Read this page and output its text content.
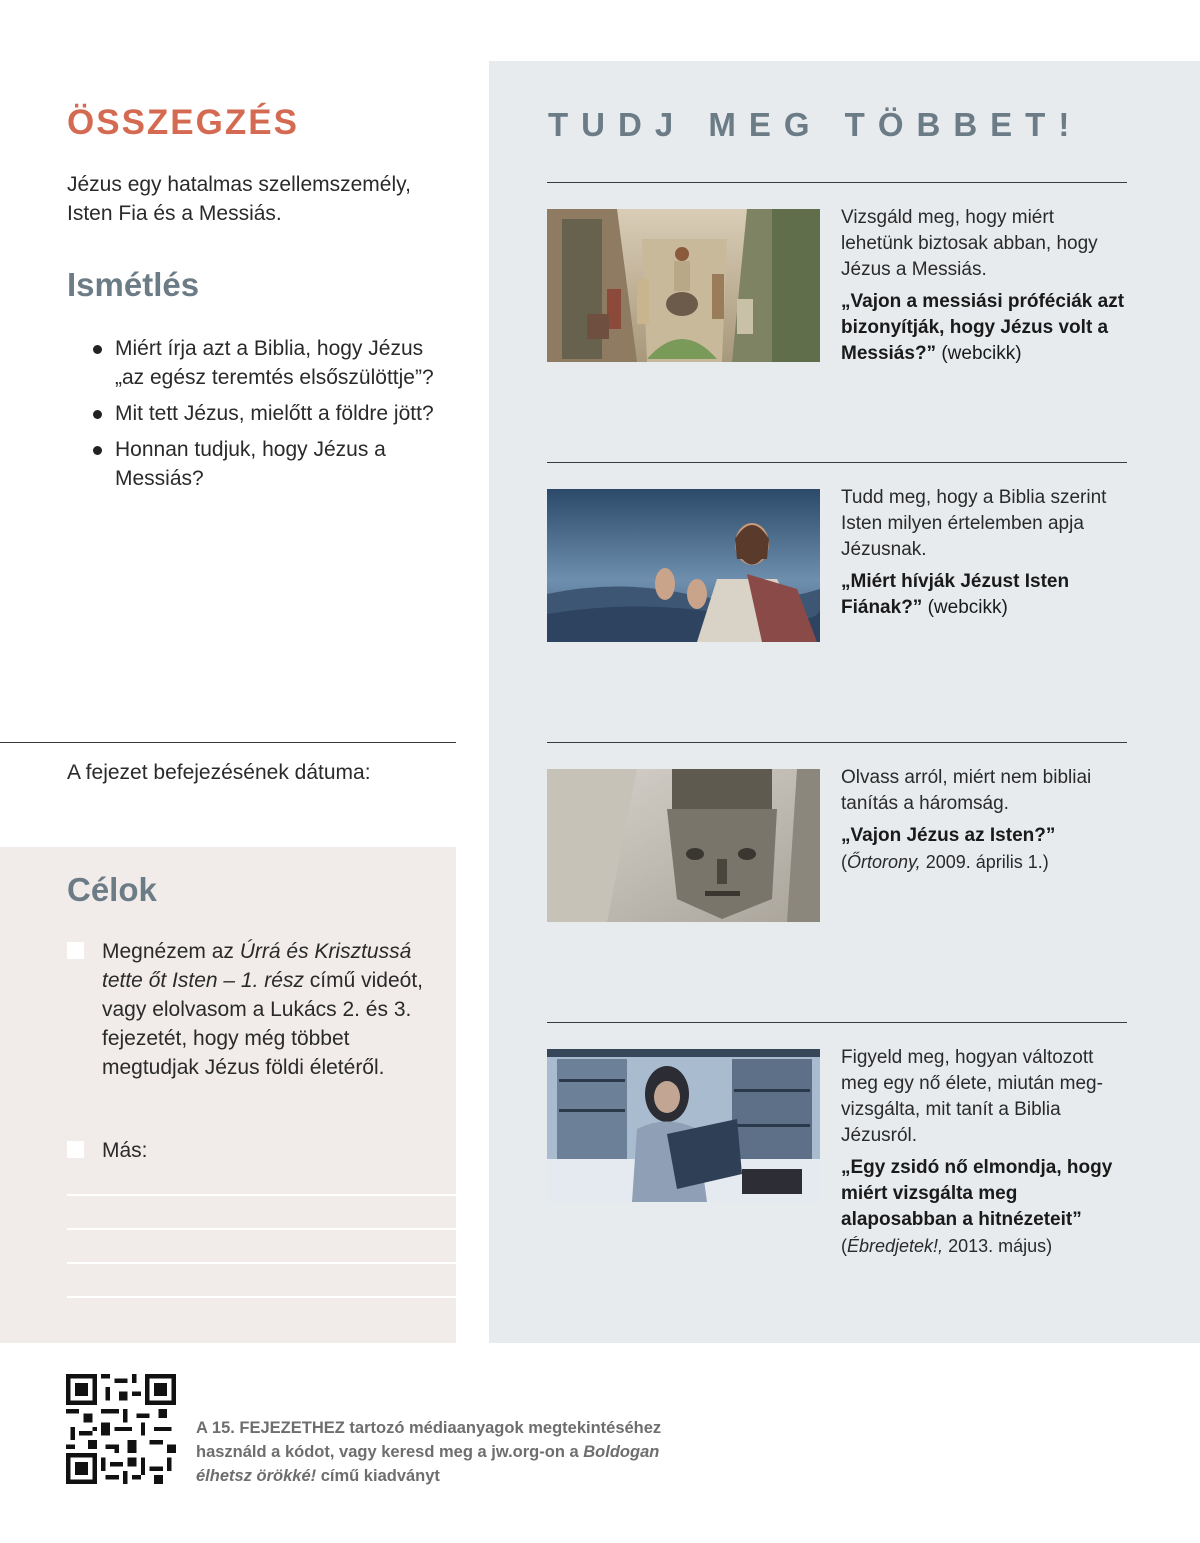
ÖSSZEGZÉS

Jézus egy hatalmas szellemszemély, Isten Fia és a Messiás.

Ismétlés
Miért írja azt a Biblia, hogy Jézus „az egész teremtés elsőszülöttje”?
Mit tett Jézus, mielőtt a földre jött?
Honnan tudjuk, hogy Jézus a Messiás?

A fejezet befejezésének dátuma:

Célok

Megnézem az Úrrá és Krisztussá tette őt Isten – 1. rész című videót, vagy elolvasom a Lukács 2. és 3. fejezetét, hogy még többet megtudjak Jézus földi életéről.

Más:

TUDJ MEG TÖBBET!

Vizsgáld meg, hogy miért lehetünk biztosak abban, hogy Jézus a Messiás.

„Vajon a messiási próféciák azt bizonyítják, hogy Jézus volt a Messiás?” (webcikk)

Tudd meg, hogy a Biblia szerint Isten milyen értelemben apja Jézusnak.

„Miért hívják Jézust Isten Fiának?” (webcikk)

Olvass arról, miért nem bibliai tanítás a háromság.

„Vajon Jézus az Isten?”

(Őrtorony, 2009. április 1.)

Figyeld meg, hogyan változott meg egy nő élete, miután megvizsgálta, mit tanít a Biblia Jézusról.

„Egy zsidó nő elmondja, hogy miért vizsgálta meg alaposabban a hitnézeteit”

(Ébredjetek!, 2013. május)

A 15. FEJEZETHEZ tartozó médiaanyagok megtekintéséhez használd a kódot, vagy keresd meg a jw.org-on a Boldogan élhetsz örökké! című kiadványt
